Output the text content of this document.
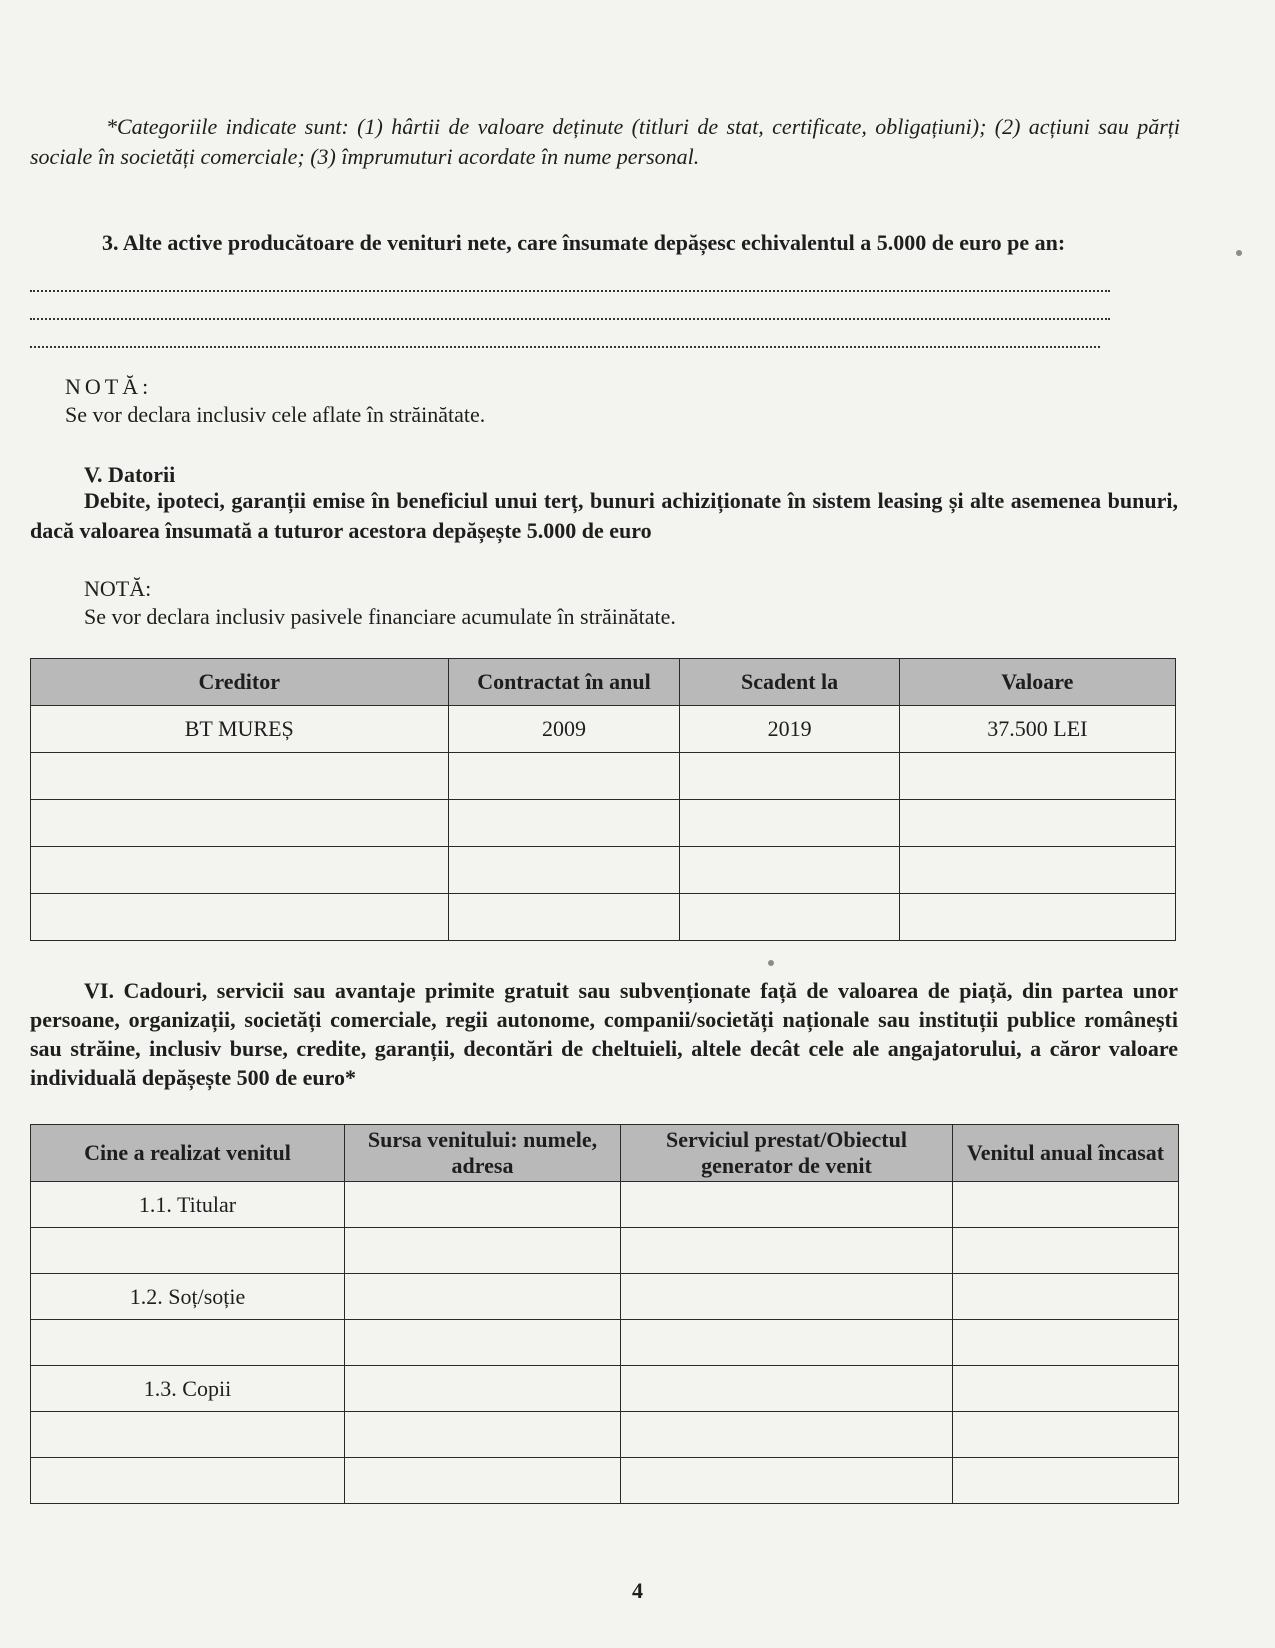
*Categoriile indicate sunt: (1) hârtii de valoare deținute (titluri de stat, certificate, obligațiuni); (2) acțiuni sau părți sociale în societăți comerciale; (3) împrumuturi acordate în nume personal.
3. Alte active producătoare de venituri nete, care însumate depășesc echivalentul a 5.000 de euro pe an:
NOTĂ:
Se vor declara inclusiv cele aflate în străinătate.
V. Datorii
Debite, ipoteci, garanții emise în beneficiul unui terț, bunuri achiziționate în sistem leasing și alte asemenea bunuri, dacă valoarea însumată a tuturor acestora depășește 5.000 de euro
NOTĂ:
Se vor declara inclusiv pasivele financiare acumulate în străinătate.
Creditor	Contractat în anul	Scadent la	Valoare
BT MUREȘ	2009	2019	37.500 LEI

VI. Cadouri, servicii sau avantaje primite gratuit sau subvenționate față de valoarea de piață, din partea unor persoane, organizații, societăți comerciale, regii autonome, companii/societăți naționale sau instituții publice românești sau străine, inclusiv burse, credite, garanții, decontări de cheltuieli, altele decât cele ale angajatorului, a căror valoare individuală depășește 500 de euro*
Cine a realizat venitul	Sursa venitului: numele, adresa	Serviciul prestat/Obiectul generator de venit	Venitul anual încasat
1.1. Titular			

1.2. Soț/soție			

1.3. Copii			

4
